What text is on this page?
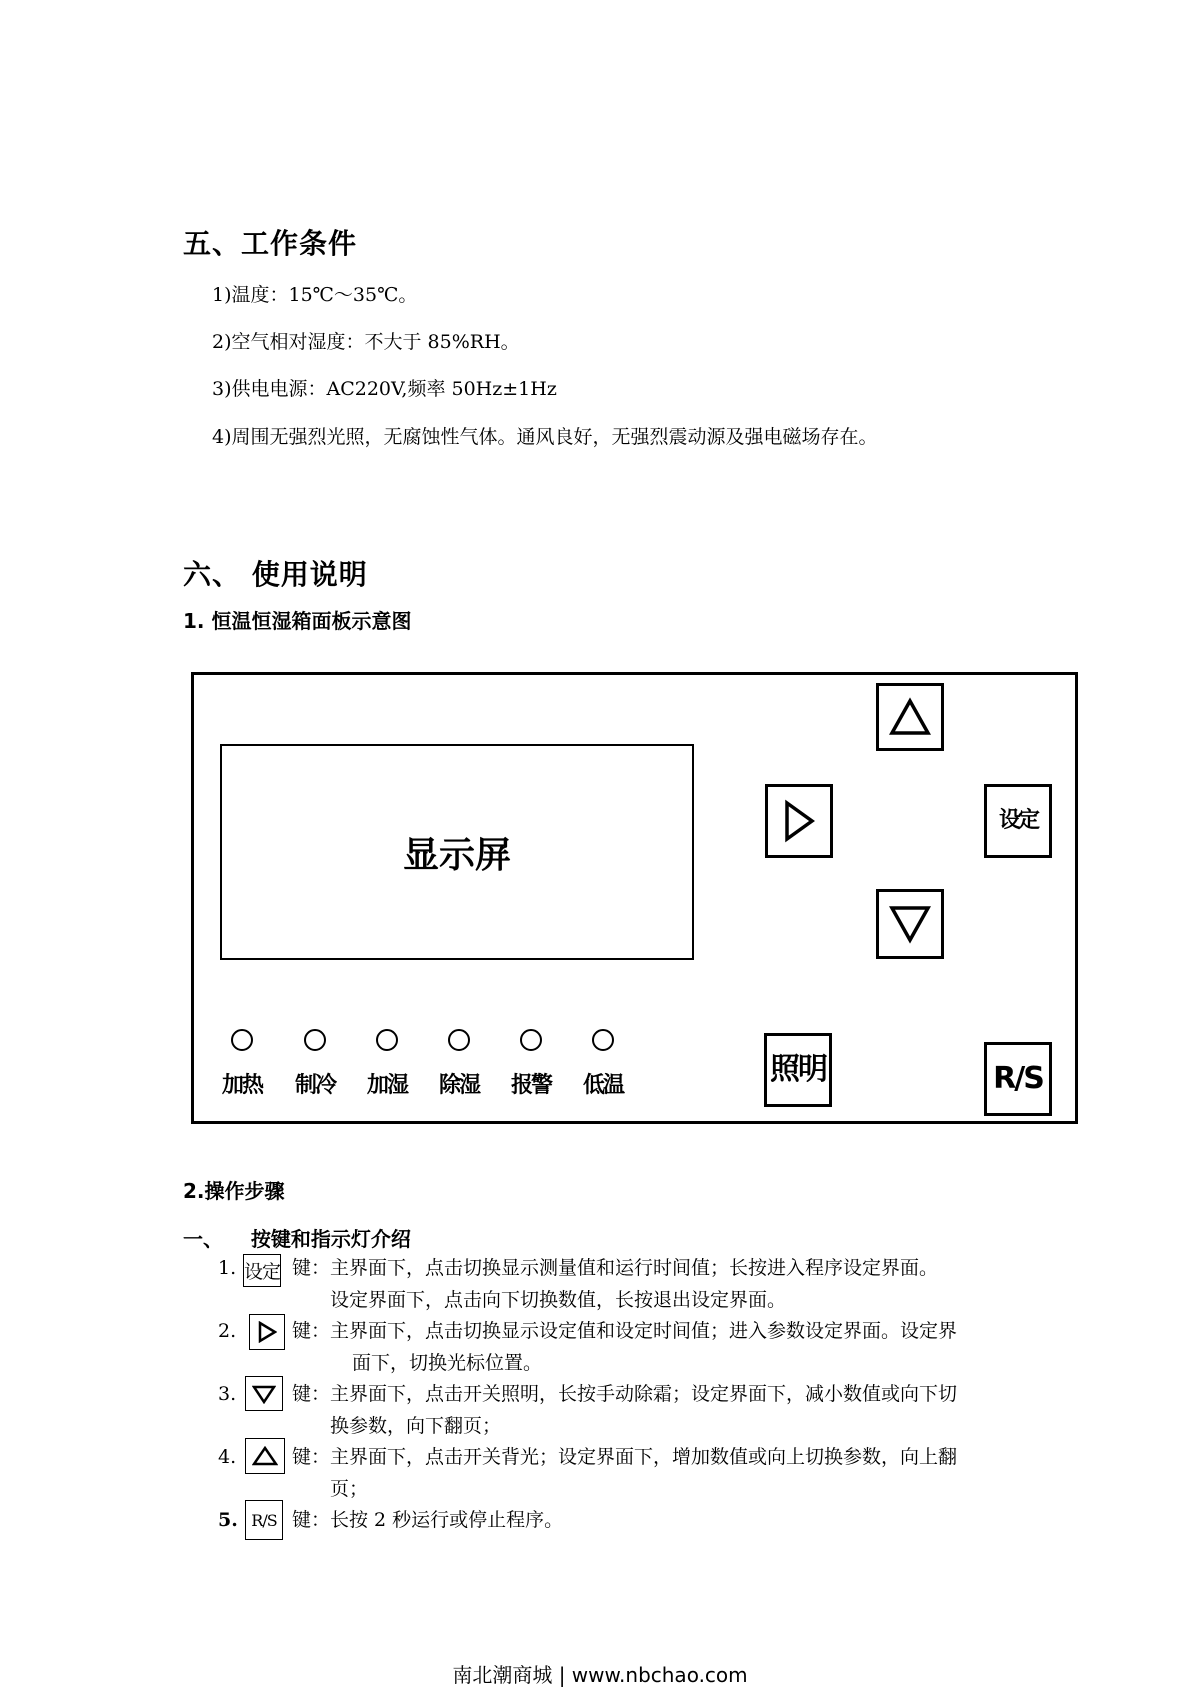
五、工作条件
1)温度：15℃～35℃。
2)空气相对湿度：不大于 85%RH。
3)供电电源：AC220V,频率 50Hz±1Hz
4)周围无强烈光照，无腐蚀性气体。通风良好，无强烈震动源及强电磁场存在。
六、 使用说明
1. 恒温恒湿箱面板示意图
显示屏
设定
照明	R/S
加热	制冷	加湿	除湿	报警	低温
2.操作步骤
一、    按键和指示灯介绍
1. 设定 键：主界面下，点击切换显示测量值和运行时间值；长按进入程序设定界面。
设定界面下，点击向下切换数值，长按退出设定界面。
2.	键：主界面下，点击切换显示设定值和设定时间值；进入参数设定界面。设定界
面下，切换光标位置。
3.	键：主界面下，点击开关照明，长按手动除霜；设定界面下，减小数值或向下切
换参数，向下翻页；
4.	键：主界面下，点击开关背光；设定界面下，增加数值或向上切换参数，向上翻
页；
5. R/S 键：长按 2 秒运行或停止程序。
南北潮商城 | www.nbchao.com
